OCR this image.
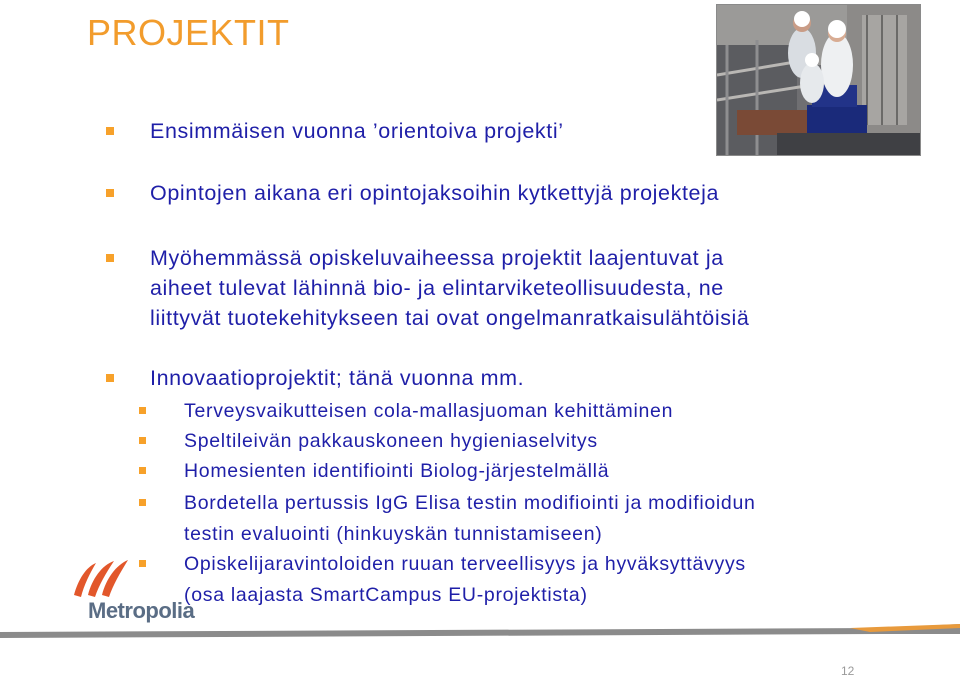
PROJEKTIT
Ensimmäisen vuonna ’orientoiva projekti’
Opintojen aikana eri opintojaksoihin kytkettyjä projekteja
Myöhemmässä opiskeluvaiheessa projektit laajentuvat ja
aiheet tulevat lähinnä bio- ja elintarviketeollisuudesta, ne
liittyvät tuotekehitykseen tai ovat ongelmanratkaisulähtöisiä
Innovaatioprojektit; tänä vuonna mm.
Terveysvaikutteisen cola-mallasjuoman kehittäminen
Speltileivän pakkauskoneen hygieniaselvitys
Homesienten identifiointi Biolog-järjestelmällä
Bordetella pertussis IgG Elisa testin modifiointi ja modifioidun
testin evaluointi (hinkuyskän tunnistamiseen)
Opiskelijaravintoloiden ruuan terveellisyys ja hyväksyttävyys
(osa laajasta SmartCampus EU-projektista)
Metropolia
12
